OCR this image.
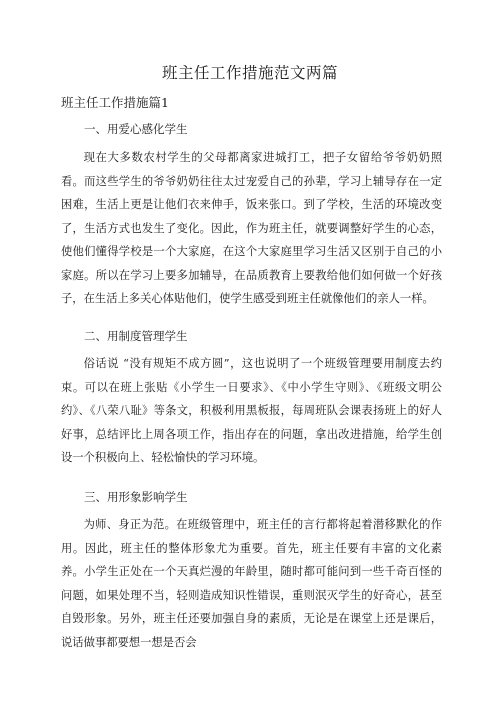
班主任工作措施范文两篇
班主任工作措施篇1
一、用爱心感化学生

现在大多数农村学生的父母都离家进城打工，把子女留给爷爷奶奶照看。而这些学生的爷爷奶奶往往太过宠爱自己的孙辈，学习上辅导存在一定困难，生活上更是让他们衣来伸手，饭来张口。到了学校，生活的环境改变了，生活方式也发生了变化。因此，作为班主任，就要调整好学生的心态，使他们懂得学校是一个大家庭，在这个大家庭里学习生活又区别于自己的小家庭。所以在学习上要多加辅导，在品质教育上要教给他们如何做一个好孩子，在生活上多关心体贴他们，使学生感受到班主任就像他们的亲人一样。

二、用制度管理学生

俗话说 “没有规矩不成方圆”，这也说明了一个班级管理要用制度去约束。可以在班上张贴《小学生一日要求》、《中小学生守则》、《班级文明公约》、《八荣八耻》等条文，积极利用黑板报，每周班队会课表扬班上的好人好事，总结评比上周各项工作，指出存在的问题，拿出改进措施，给学生创设一个积极向上、轻松愉快的学习环境。

三、用形象影响学生

为师、身正为范。在班级管理中，班主任的言行都将起着潜移默化的作用。因此，班主任的整体形象尤为重要。首先，班主任要有丰富的文化素养。小学生正处在一个天真烂漫的年龄里，随时都可能问到一些千奇百怪的问题，如果处理不当，轻则造成知识性错误，重则泯灭学生的好奇心，甚至自毁形象。另外，班主任还要加强自身的素质，无论是在课堂上还是课后，说话做事都要想一想是否会
